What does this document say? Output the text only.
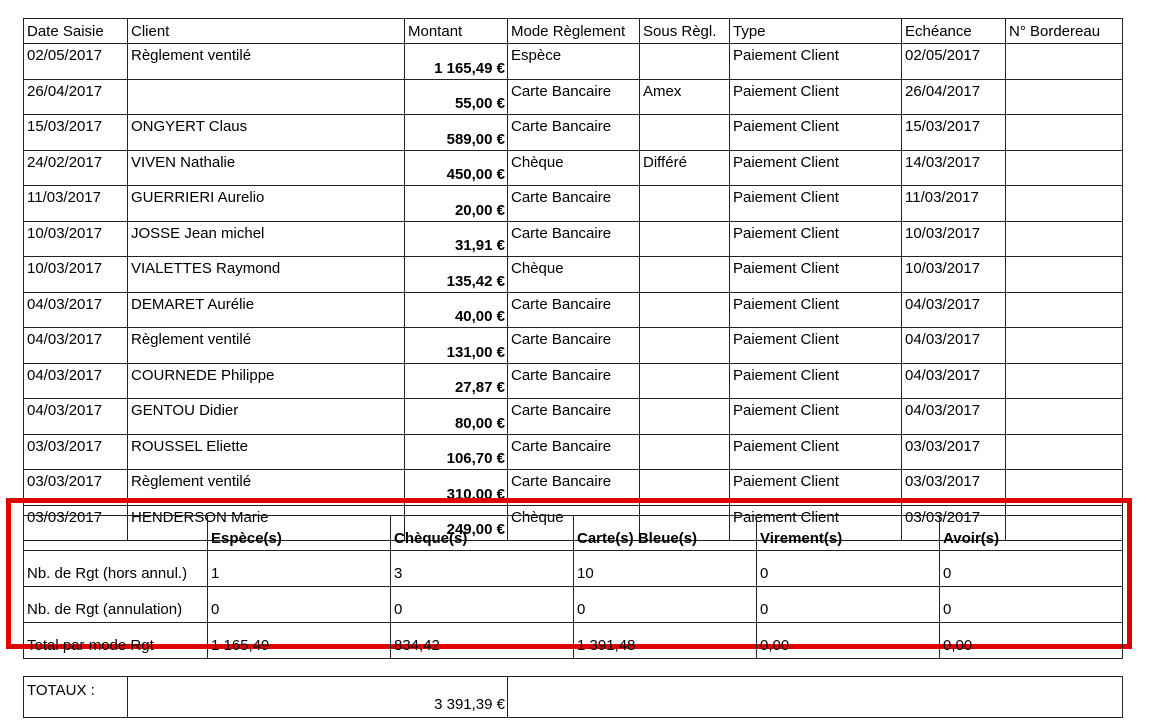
Date Saisie	Client	Montant	Mode Règlement	Sous Règl.	Type	Echéance	N° Bordereau
02/05/2017	Règlement ventilé	1 165,49 €	Espèce		Paiement Client	02/05/2017	
26/04/2017		55,00 €	Carte Bancaire	Amex	Paiement Client	26/04/2017	
15/03/2017	ONGYERT Claus	589,00 €	Carte Bancaire		Paiement Client	15/03/2017	
24/02/2017	VIVEN Nathalie	450,00 €	Chèque	Différé	Paiement Client	14/03/2017	
11/03/2017	GUERRIERI Aurelio	20,00 €	Carte Bancaire		Paiement Client	11/03/2017	
10/03/2017	JOSSE Jean michel	31,91 €	Carte Bancaire		Paiement Client	10/03/2017	
10/03/2017	VIALETTES Raymond	135,42 €	Chèque		Paiement Client	10/03/2017	
04/03/2017	DEMARET Aurélie	40,00 €	Carte Bancaire		Paiement Client	04/03/2017	
04/03/2017	Règlement ventilé	131,00 €	Carte Bancaire		Paiement Client	04/03/2017	
04/03/2017	COURNEDE Philippe	27,87 €	Carte Bancaire		Paiement Client	04/03/2017	
04/03/2017	GENTOU Didier	80,00 €	Carte Bancaire		Paiement Client	04/03/2017	
03/03/2017	ROUSSEL Eliette	106,70 €	Carte Bancaire		Paiement Client	03/03/2017	
03/03/2017	Règlement ventilé	310,00 €	Carte Bancaire		Paiement Client	03/03/2017	
03/03/2017	HENDERSON Marie	249,00 €	Chèque		Paiement Client	03/03/2017	
	Espèce(s)	Chèque(s)	Carte(s) Bleue(s)	Virement(s)	Avoir(s)
Nb. de Rgt (hors annul.)	1	3	10	0	0
Nb. de Rgt (annulation)	0	0	0	0	0
Total par mode Rgt	1 165,49	834,42	1 391,48	0,00	0,00
TOTAUX :	3 391,39 €	
